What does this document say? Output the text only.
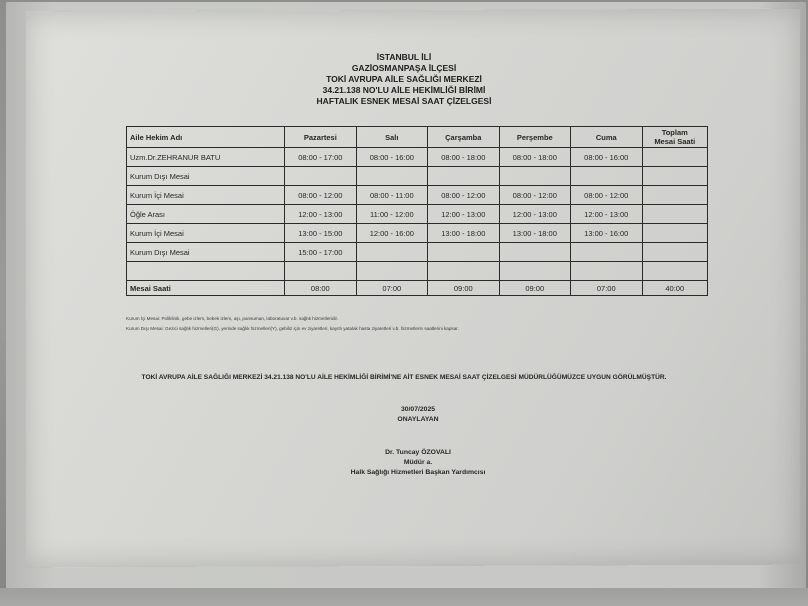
İSTANBUL İLİ
GAZİOSMANPAŞA İLÇESİ
TOKİ AVRUPA AİLE SAĞLIĞI MERKEZİ
34.21.138 NO'LU AİLE HEKİMLİĞİ BİRİMİ
HAFTALIK ESNEK MESAİ SAAT ÇİZELGESİ
Aile Hekim Adı	Pazartesi	Salı	Çarşamba	Perşembe	Cuma	Toplam
Mesai Saati

Uzm.Dr.ZEHRANUR BATU	08:00 - 17:00	08:00 - 16:00	08:00 - 18:00	08:00 - 18:00	08:00 - 16:00	
Kurum Dışı Mesai						
Kurum İçi Mesai	08:00 - 12:00	08:00 - 11:00	08:00 - 12:00	08:00 - 12:00	08:00 - 12:00	
Öğle Arası	12:00 - 13:00	11:00 - 12:00	12:00 - 13:00	12:00 - 13:00	12:00 - 13:00	
Kurum İçi Mesai	13:00 - 15:00	12:00 - 16:00	13:00 - 18:00	13:00 - 18:00	13:00 - 16:00	
Kurum Dışı Mesai	15:00 - 17:00					

Mesai Saati	08:00	07:00	09:00	09:00	07:00	40:00
Kurum İçi Mesai: Poliklinik, gebe izlem, bebek izlem, aşı, pansuman, laboratuvar v.b. sağlık hizmetleridir.
Kurum Dışı Mesai: Gezici sağlık hizmetleri(G), yerinde sağlık hizmetleri(Y), gebiliz için ev ziyaretleri, kayıtlı yatalak hasta ziyaretleri v.b. hizmetlerin saatlerini kapsar.
TOKİ AVRUPA AİLE SAĞLIĞI MERKEZİ 34.21.138 NO'LU AİLE HEKİMLİĞİ BİRİMİ'NE AİT ESNEK MESAİ SAAT ÇİZELGESİ MÜDÜRLÜĞÜMÜZCE UYGUN GÖRÜLMÜŞTÜR.
30/07/2025
ONAYLAYAN
Dr. Tuncay ÖZOVALI
Müdür a.
Halk Sağlığı Hizmetleri Başkan Yardımcısı
